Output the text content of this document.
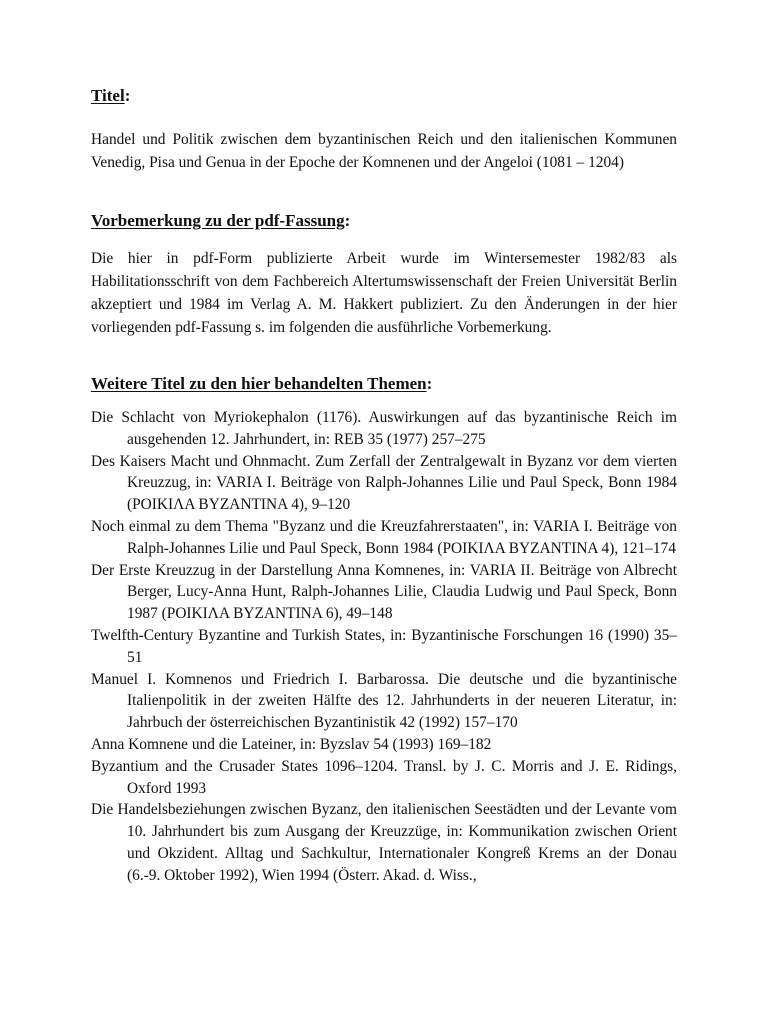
Titel:

Handel und Politik zwischen dem byzantinischen Reich und den italienischen Kommunen Venedig, Pisa und Genua in der Epoche der Komnenen und der Angeloi (1081 – 1204)

Vorbemerkung zu der pdf-Fassung:

Die hier in pdf-Form publizierte Arbeit wurde im Wintersemester 1982/83 als Habilitationsschrift von dem Fachbereich Altertumswissenschaft der Freien Universität Berlin akzeptiert und 1984 im Verlag A. M. Hakkert publiziert. Zu den Änderungen in der hier vorliegenden pdf-Fassung s. im folgenden die ausführliche Vorbemerkung.

Weitere Titel zu den hier behandelten Themen:
Die Schlacht von Myriokephalon (1176). Auswirkungen auf das byzantinische Reich im ausgehenden 12. Jahrhundert, in: REB 35 (1977) 257–275
Des Kaisers Macht und Ohnmacht. Zum Zerfall der Zentralgewalt in Byzanz vor dem vierten Kreuzzug, in: VARIA I. Beiträge von Ralph-Johannes Lilie und Paul Speck, Bonn 1984 (ΡΟΙΚΙΛΑ BYZANTINA 4), 9–120
Noch einmal zu dem Thema "Byzanz und die Kreuzfahrerstaaten", in: VARIA I. Beiträge von Ralph-Johannes Lilie und Paul Speck, Bonn 1984 (ΡΟΙΚΙΛΑ BYZANTINA 4), 121–174
Der Erste Kreuzzug in der Darstellung Anna Komnenes, in: VARIA II. Beiträge von Albrecht Berger, Lucy-Anna Hunt, Ralph-Johannes Lilie, Claudia Ludwig und Paul Speck, Bonn 1987 (ΡΟΙΚΙΛΑ BYZANTINA 6), 49–148
Twelfth-Century Byzantine and Turkish States, in: Byzantinische Forschungen 16 (1990) 35–51
Manuel I. Komnenos und Friedrich I. Barbarossa. Die deutsche und die byzantinische Italienpolitik in der zweiten Hälfte des 12. Jahrhunderts in der neueren Literatur, in: Jahrbuch der österreichischen Byzantinistik 42 (1992) 157–170
Anna Komnene und die Lateiner, in: Byzslav 54 (1993) 169–182
Byzantium and the Crusader States 1096–1204. Transl. by J. C. Morris and J. E. Ridings, Oxford 1993
Die Handelsbeziehungen zwischen Byzanz, den italienischen Seestädten und der Levante vom 10. Jahrhundert bis zum Ausgang der Kreuzzüge, in: Kommunikation zwischen Orient und Okzident. Alltag und Sachkultur, Internationaler Kongreß Krems an der Donau (6.-9. Oktober 1992), Wien 1994 (Österr. Akad. d. Wiss.,
